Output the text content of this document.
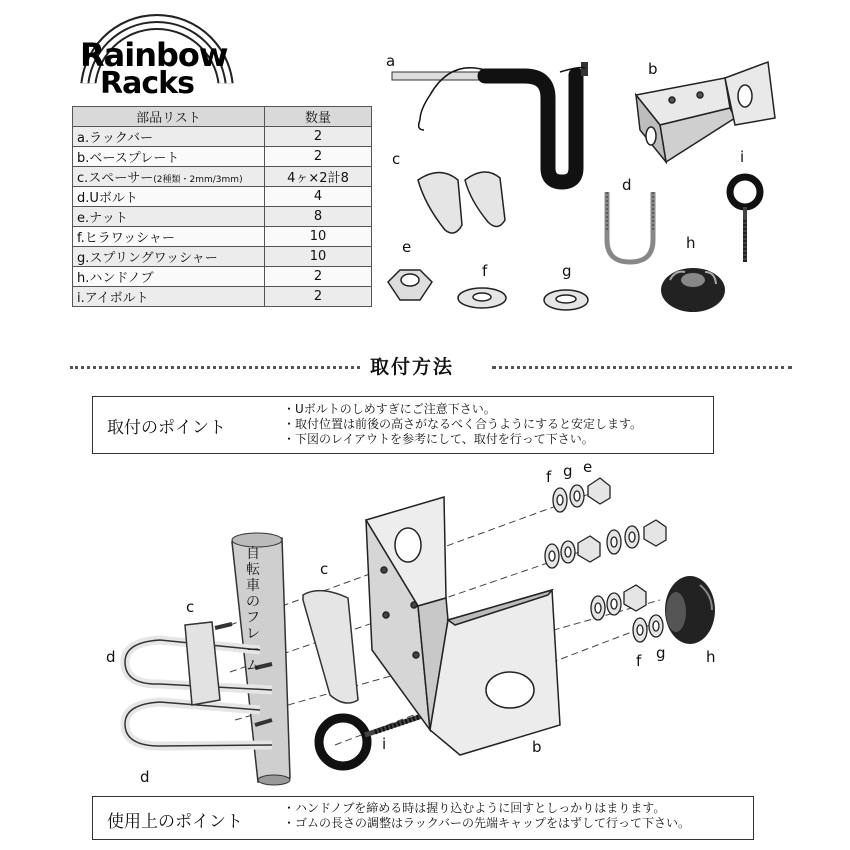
Rainbow
Racks
部品リスト	数量
a.ラックバー	2
b.ベースプレート	2
c.スペーサー(2種類・2mm/3mm)	4ヶ×2計8
d.Uボルト	4
e.ナット	8
f.ヒラワッシャー	10
g.スプリングワッシャー	10
h.ハンドノブ	2
i.アイボルト	2
a	b
c
d
i
e
f	g
h
取付方法
取付のポイント
・Uボルトのしめすぎにご注意下さい。
・取付位置は前後の高さがなるべく合うようにすると安定します。
・下図のレイアウトを参考にして、取付を行って下さい。
自転車のフレーム
c
c
d
d
i	b
f g e
f g	h
使用上のポイント
・ハンドノブを締める時は握り込むように回すとしっかりはまります。
・ゴムの長さの調整はラックバーの先端キャップをはずして行って下さい。
